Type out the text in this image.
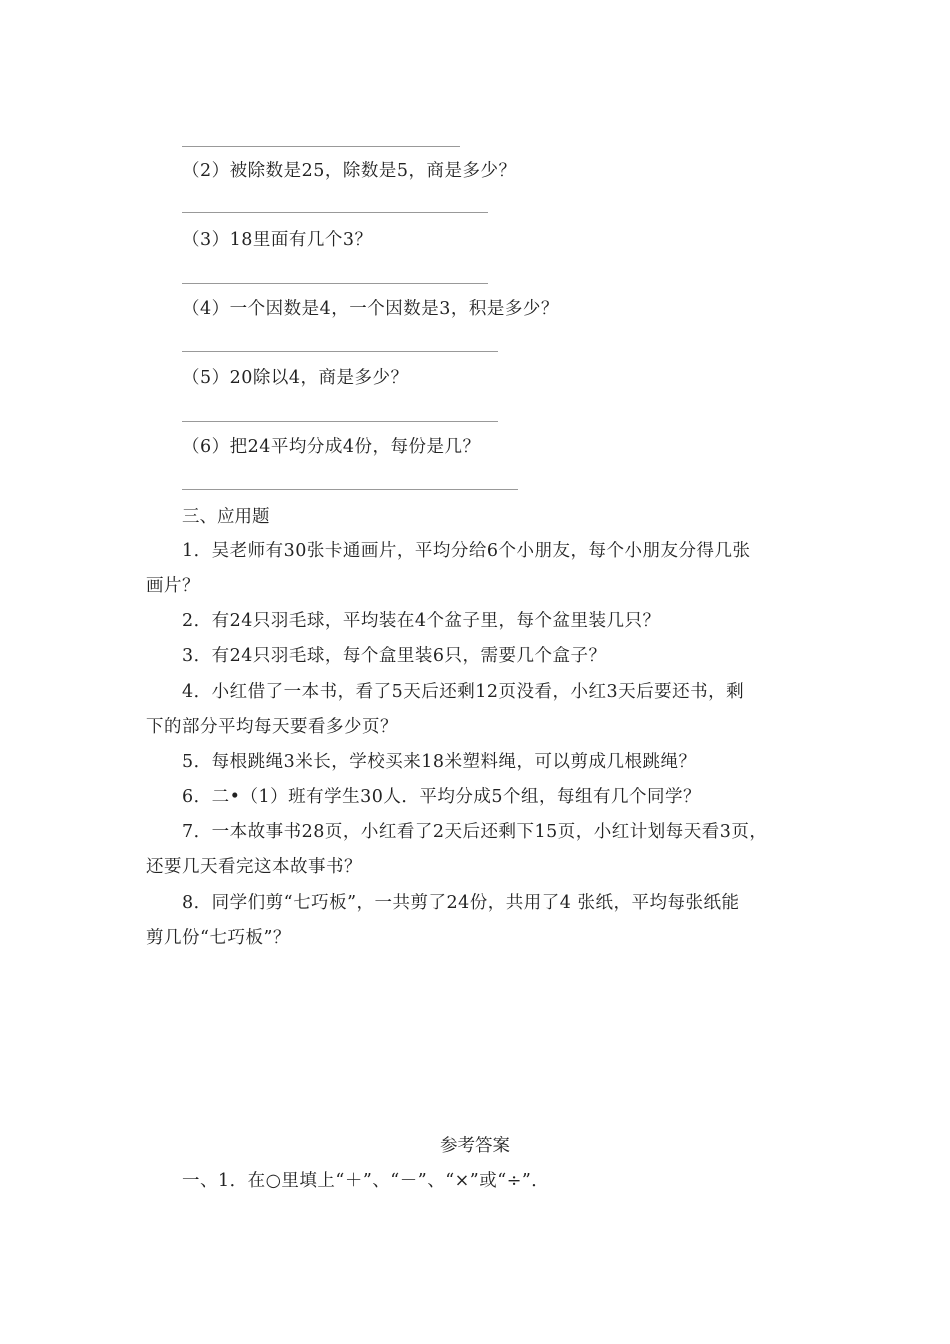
（2）被除数是25，除数是5，商是多少？
（3）18里面有几个3？
（4）一个因数是4，一个因数是3，积是多少？
（5）20除以4，商是多少？
（6）把24平均分成4份，每份是几？
三、应用题
1．吴老师有30张卡通画片，平均分给6个小朋友，每个小朋友分得几张
画片？
2．有24只羽毛球，平均装在4个盆子里，每个盆里装几只？
3．有24只羽毛球，每个盒里装6只，需要几个盒子？
4．小红借了一本书，看了5天后还剩12页没看，小红3天后要还书，剩
下的部分平均每天要看多少页？
5．每根跳绳3米长，学校买来18米塑料绳，可以剪成几根跳绳？
6．二•（1）班有学生30人．平均分成5个组，每组有几个同学？
7．一本故事书28页，小红看了2天后还剩下15页，小红计划每天看3页，
还要几天看完这本故事书？
8．同学们剪“七巧板”，一共剪了24份，共用了4 张纸，平均每张纸能
剪几份“七巧板”？
参考答案
一、1．在○里填上“＋”、“－”、“×”或“÷”．
